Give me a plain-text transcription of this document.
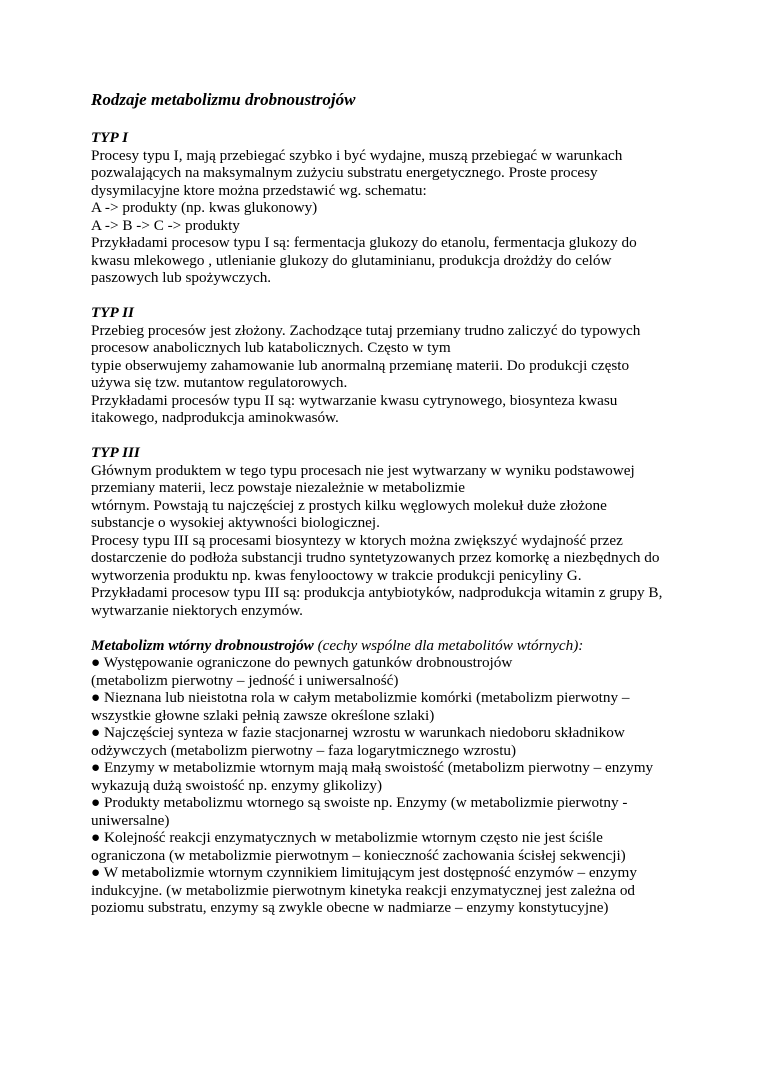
Rodzaje metabolizmu drobnoustrojów

TYP I

Procesy typu I, mają przebiegać szybko i być wydajne, muszą przebiegać w warunkach
pozwalających na maksymalnym zużyciu substratu energetycznego. Proste procesy
dysymilacyjne ktore można przedstawić wg. schematu:
A -> produkty (np. kwas glukonowy)
A -> B -> C -> produkty
Przykładami procesow typu I są: fermentacja glukozy do etanolu, fermentacja glukozy do
kwasu mlekowego , utlenianie glukozy do glutaminianu, produkcja drożdży do celów
paszowych lub spożywczych.

TYP II

Przebieg procesów jest złożony. Zachodzące tutaj przemiany trudno zaliczyć do typowych
procesow anabolicznych lub katabolicznych. Często w tym
typie obserwujemy zahamowanie lub anormalną przemianę materii. Do produkcji często
używa się tzw. mutantow regulatorowych.
Przykładami procesów typu II są: wytwarzanie kwasu cytrynowego, biosynteza kwasu
itakowego, nadprodukcja aminokwasów.

TYP III

Głównym produktem w tego typu procesach nie jest wytwarzany w wyniku podstawowej
przemiany materii, lecz powstaje niezależnie w metabolizmie
wtórnym. Powstają tu najczęściej z prostych kilku węglowych molekuł duże złożone
substancje o wysokiej aktywności biologicznej.
Procesy typu III są procesami biosyntezy w ktorych można zwiększyć wydajność przez
dostarczenie do podłoża substancji trudno syntetyzowanych przez komorkę a niezbędnych do
wytworzenia produktu np. kwas fenylooctowy w trakcie produkcji penicyliny G.
Przykładami procesow typu III są: produkcja antybiotyków, nadprodukcja witamin z grupy B,
wytwarzanie niektorych enzymów.
Metabolizm wtórny drobnoustrojów (cechy wspólne dla metabolitów wtórnych):
● Występowanie ograniczone do pewnych gatunków drobnoustrojów
(metabolizm pierwotny – jedność i uniwersalność)
● Nieznana lub nieistotna rola w całym metabolizmie komórki (metabolizm pierwotny –
wszystkie głowne szlaki pełnią zawsze określone szlaki)
● Najczęściej synteza w fazie stacjonarnej wzrostu w warunkach niedoboru składnikow
odżywczych (metabolizm pierwotny – faza logarytmicznego wzrostu)
● Enzymy w metabolizmie wtornym mają małą swoistość (metabolizm pierwotny – enzymy
wykazują dużą swoistość np. enzymy glikolizy)
● Produkty metabolizmu wtornego są swoiste np. Enzymy (w metabolizmie pierwotny -
uniwersalne)
● Kolejność reakcji enzymatycznych w metabolizmie wtornym często nie jest ściśle
ograniczona (w metabolizmie pierwotnym – konieczność zachowania ścisłej sekwencji)
● W metabolizmie wtornym czynnikiem limitującym jest dostępność enzymów – enzymy
indukcyjne. (w metabolizmie pierwotnym kinetyka reakcji enzymatycznej jest zależna od
poziomu substratu, enzymy są zwykle obecne w nadmiarze – enzymy konstytucyjne)
